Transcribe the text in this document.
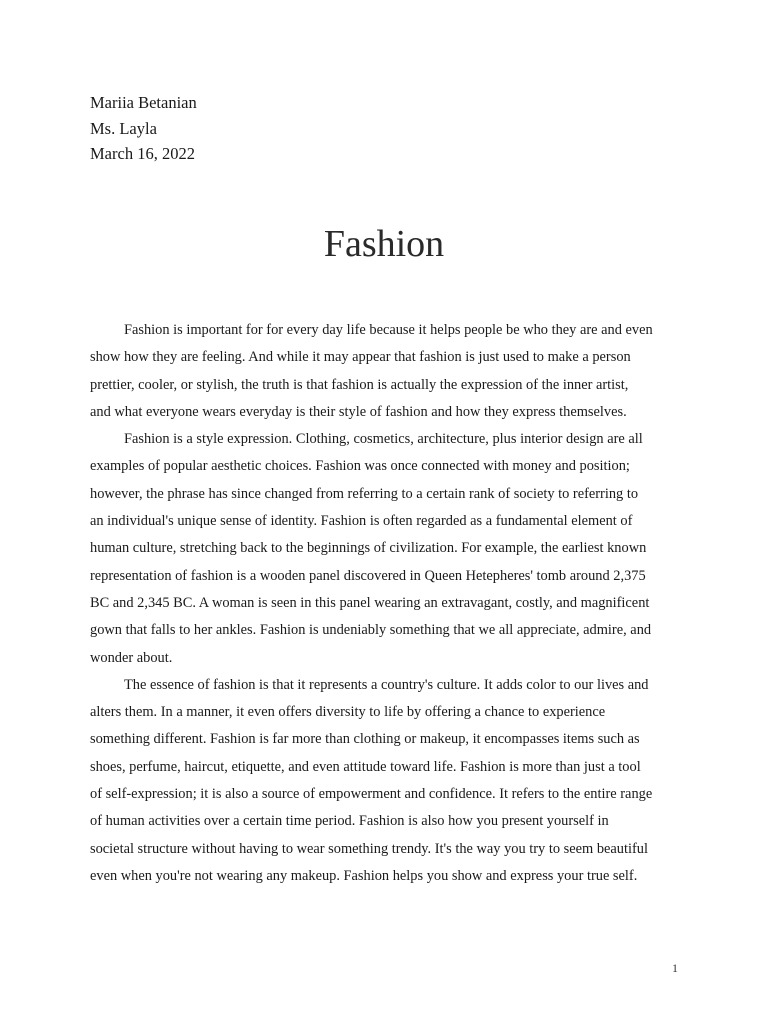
Mariia Betanian
Ms. Layla
March 16, 2022
Fashion

Fashion is important for for every day life because it helps people be who they are and even
show how they are feeling. And while it may appear that fashion is just used to make a person
prettier, cooler, or stylish, the truth is that fashion is actually the expression of the inner artist,
and what everyone wears everyday is their style of fashion and how they express themselves.

Fashion is a style expression. Clothing, cosmetics, architecture, plus interior design are all
examples of popular aesthetic choices. Fashion was once connected with money and position;
however, the phrase has since changed from referring to a certain rank of society to referring to
an individual's unique sense of identity. Fashion is often regarded as a fundamental element of
human culture, stretching back to the beginnings of civilization. For example, the earliest known
representation of fashion is a wooden panel discovered in Queen Hetepheres' tomb around 2,375
BC and 2,345 BC. A woman is seen in this panel wearing an extravagant, costly, and magnificent
gown that falls to her ankles. Fashion is undeniably something that we all appreciate, admire, and
wonder about.

The essence of fashion is that it represents a country's culture. It adds color to our lives and
alters them. In a manner, it even offers diversity to life by offering a chance to experience
something different. Fashion is far more than clothing or makeup, it encompasses items such as
shoes, perfume, haircut, etiquette, and even attitude toward life. Fashion is more than just a tool
of self-expression; it is also a source of empowerment and confidence. It refers to the entire range
of human activities over a certain time period. Fashion is also how you present yourself in
societal structure without having to wear something trendy. It's the way you try to seem beautiful
even when you're not wearing any makeup. Fashion helps you show and express your true self.

1
